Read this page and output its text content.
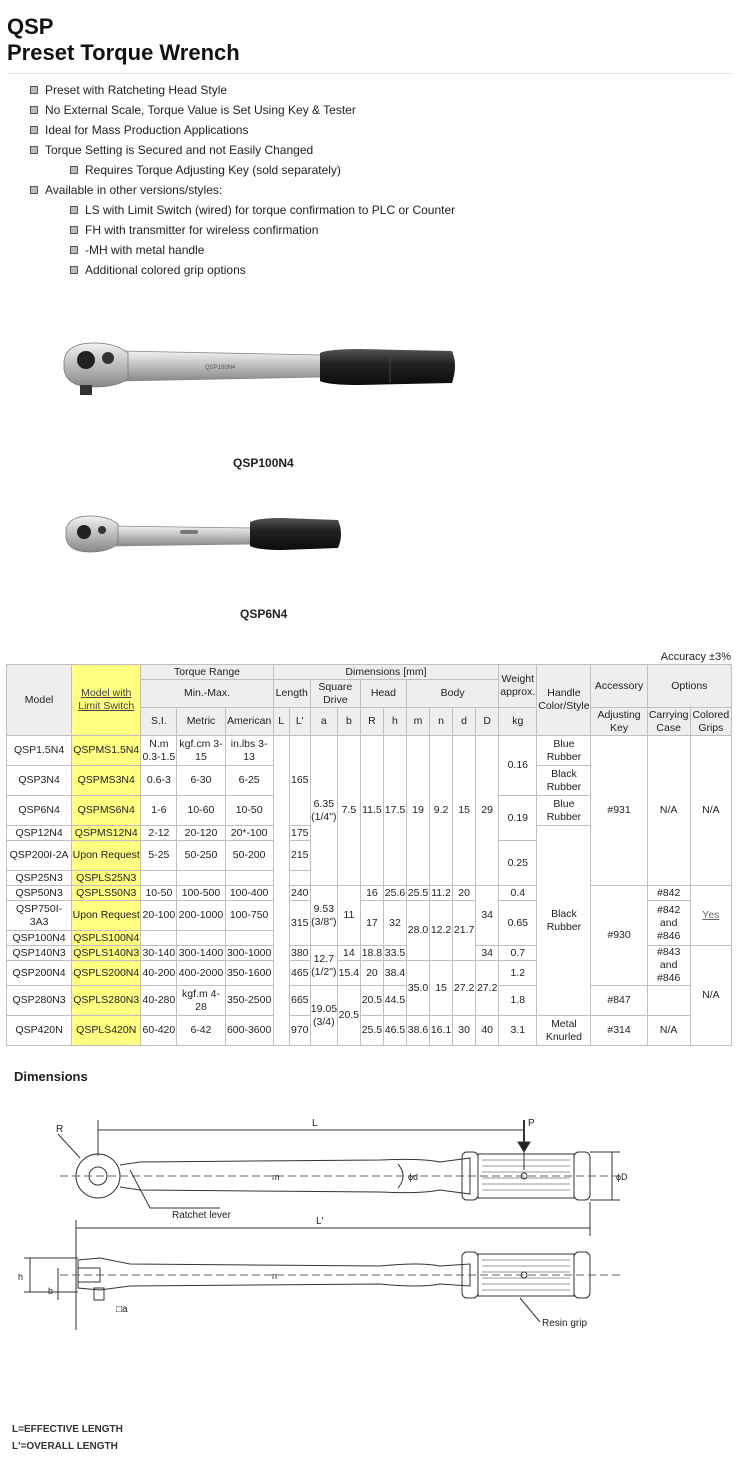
QSP
Preset Torque Wrench
Preset with Ratcheting Head Style
No External Scale, Torque Value is Set Using Key & Tester
Ideal for Mass Production Applications
Torque Setting is Secured and not Easily Changed
Requires Torque Adjusting Key (sold separately)
Available in other versions/styles:
LS with Limit Switch (wired) for torque confirmation to PLC or Counter
FH with transmitter for wireless confirmation
-MH with metal handle
Additional colored grip options
QSP100N4
QSP100N4
QSP6N4
Accuracy ±3%
Model	Model with Limit Switch	Torque Range			Dimensions [mm]										Weight approx.	Handle Color/Style	Accessory	Options	
		Min.-Max.			Length		Square Drive		Head		Body								
		S.I.	Metric	American	L	L'	a	b	R	h	m	n	d	D	kg		Adjusting Key	Carrying Case	Colored Grips
QSP1.5N4	QSPMS1.5N4	N.m 0.3-1.5	kgf.cm 3-15	in.lbs 3-13		165	6.35 (1/4")	7.5	11.5	17.5	19	9.2	15	29	0.16	Blue Rubber	#931	N/A	N/A
QSP3N4	QSPMS3N4	0.6-3	6-30	6-25												Black Rubber			
QSP6N4	QSPMS6N4	1-6	10-60	10-50											0.19	Blue Rubber			
QSP12N4	QSPMS12N4	2-12	20-120	20*-100		175										Black Rubber			
QSP200I-2A	Upon Request	5-25	50-250	50-200		215									0.25				
QSP25N3	QSPLS25N3																		
QSP50N3	QSPLS50N3	10-50	100-500	100-400		240	9.53 (3/8")	11	16	25.6	25.5	11.2	20	34	0.4		#930	#842	Yes
QSP750I-3A3	Upon Request	20-100	200-1000	100-750		315			17	32	28.0	12.2	21.7		0.65			#842 and #846	
QSP100N4	QSPLS100N4																		
QSP140N3	QSPLS140N3	30-140	300-1400	300-1000		380	12.7 (1/2")	14	18.8	33.5				34	0.7			#843 and #846	N/A
QSP200N4	QSPLS200N4	40-200	400-2000	350-1600		465		15.4	20	38.4	35.0	15	27.2	27.2	1.2				
QSP280N3	QSPLS280N3	40-280	kgf.m 4-28	350-2500		665	19.05 (3/4)	20.5	20.5	44.5					1.8		#847		
QSP420N	QSPLS420N	60-420	6-42	600-3600		970			25.5	46.5	38.6	16.1	30	40	3.1	Metal Knurled	#314	N/A	
Dimensions
R
L	P
m	ϕd	ϕD
Ratchet lever
L'
h
b
n
□a
Resin grip
L=EFFECTIVE LENGTH
L'=OVERALL LENGTH
